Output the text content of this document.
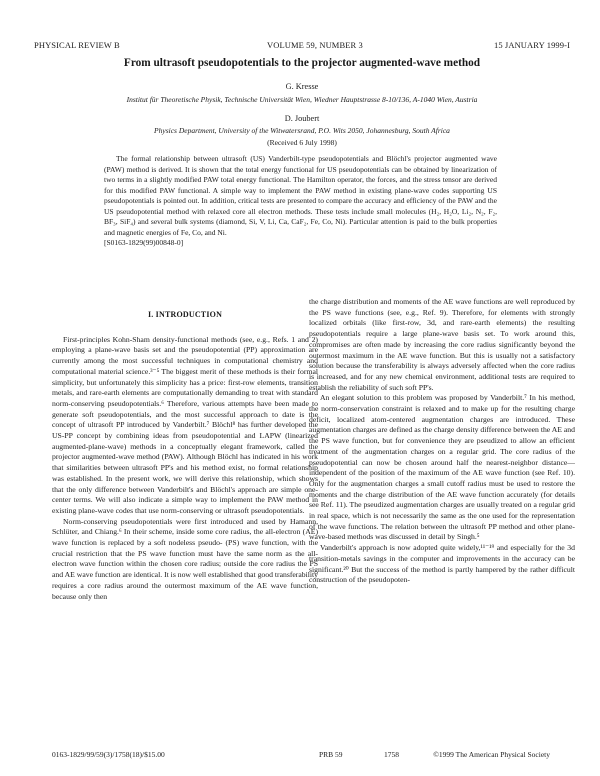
PHYSICAL REVIEW B	VOLUME 59, NUMBER 3	15 JANUARY 1999-I
From ultrasoft pseudopotentials to the projector augmented-wave method
G. Kresse
Institut für Theoretische Physik, Technische Universität Wien, Wiedner Hauptstrasse 8-10/136, A-1040 Wien, Austria
D. Joubert
Physics Department, University of the Witwatersrand, P.O. Wits 2050, Johannesburg, South Africa
(Received 6 July 1998)

The formal relationship between ultrasoft (US) Vanderbilt-type pseudopotentials and Blöchl's projector augmented wave (PAW) method is derived. It is shown that the total energy functional for US pseudopotentials can be obtained by linearization of two terms in a slightly modified PAW total energy functional. The Hamilton operator, the forces, and the stress tensor are derived for this modified PAW functional. A simple way to implement the PAW method in existing plane-wave codes supporting US pseudopotentials is pointed out. In addition, critical tests are presented to compare the accuracy and efficiency of the PAW and the US pseudopotential method with relaxed core all electron methods. These tests include small molecules (H₂, H₂O, Li₂, N₂, F₂, BF₃, SiF₄) and several bulk systems (diamond, Si, V, Li, Ca, CaF₂, Fe, Co, Ni). Particular attention is paid to the bulk properties and magnetic energies of Fe, Co, and Ni.

[S0163-1829(99)00848-0]
I. INTRODUCTION

First-principles Kohn-Sham density-functional methods (see, e.g., Refs. 1 and 2) employing a plane-wave basis set and the pseudopotential (PP) approximation are currently among the most successful techniques in computational chemistry and computational material science.³⁻⁵ The biggest merit of these methods is their formal simplicity, but unfortunately this simplicity has a price: first-row elements, transition metals, and rare-earth elements are computationally demanding to treat with standard norm-conserving pseudopotentials.⁶ Therefore, various attempts have been made to generate soft pseudopotentials, and the most successful approach to date is the concept of ultrasoft PP introduced by Vanderbilt.⁷ Blöchl⁸ has further developed the US-PP concept by combining ideas from pseudopotential and LAPW (linearized augmented-plane-wave) methods in a conceptually elegant framework, called the projector augmented-wave method (PAW). Although Blöchl has indicated in his work that similarities between ultrasoft PP's and his method exist, no formal relationship was established. In the present work, we will derive this relationship, which shows that the only difference between Vanderbilt's and Blöchl's approach are simple one-center terms. We will also indicate a simple way to implement the PAW method in existing plane-wave codes that use norm-conserving or ultrasoft pseudopotentials.

Norm-conserving pseudopotentials were first introduced and used by Hamann, Schlüter, and Chiang.⁶ In their scheme, inside some core radius, the all-electron (AE) wave function is replaced by a soft nodeless pseudo- (PS) wave function, with the crucial restriction that the PS wave function must have the same norm as the all-electron wave function within the chosen core radius; outside the core radius the PS and AE wave function are identical. It is now well established that good transferability requires a core radius around the outermost maximum of the AE wave function, because only then

the charge distribution and moments of the AE wave functions are well reproduced by the PS wave functions (see, e.g., Ref. 9). Therefore, for elements with strongly localized orbitals (like first-row, 3d, and rare-earth elements) the resulting pseudopotentials require a large plane-wave basis set. To work around this, compromises are often made by increasing the core radius significantly beyond the outermost maximum in the AE wave function. But this is usually not a satisfactory solution because the transferability is always adversely affected when the core radius is increased, and for any new chemical environment, additional tests are required to establish the reliability of such soft PP's.

An elegant solution to this problem was proposed by Vanderbilt.⁷ In his method, the norm-conservation constraint is relaxed and to make up for the resulting charge deficit, localized atom-centered augmentation charges are introduced. These augmentation charges are defined as the charge density difference between the AE and the PS wave function, but for convenience they are pseudized to allow an efficient treatment of the augmentation charges on a regular grid. The core radius of the pseudopotential can now be chosen around half the nearest-neighbor distance—independent of the position of the maximum of the AE wave function (see Ref. 10). Only for the augmentation charges a small cutoff radius must be used to restore the moments and the charge distribution of the AE wave function accurately (for details see Ref. 11). The pseudized augmentation charges are usually treated on a regular grid in real space, which is not necessarily the same as the one used for the representation of the wave functions. The relation between the ultrasoft PP method and other plane-wave-based methods was discussed in detail by Singh.⁵

Vanderbilt's approach is now adopted quite widely,¹¹⁻¹⁹ and especially for the 3d transition-metals savings in the computer and improvements in the accuracy can be significant.²⁰ But the success of the method is partly hampered by the rather difficult construction of the pseudopoten-

0163-1829/99/59(3)/1758(18)/$15.00	PRB 59	1758	©1999 The American Physical Society
